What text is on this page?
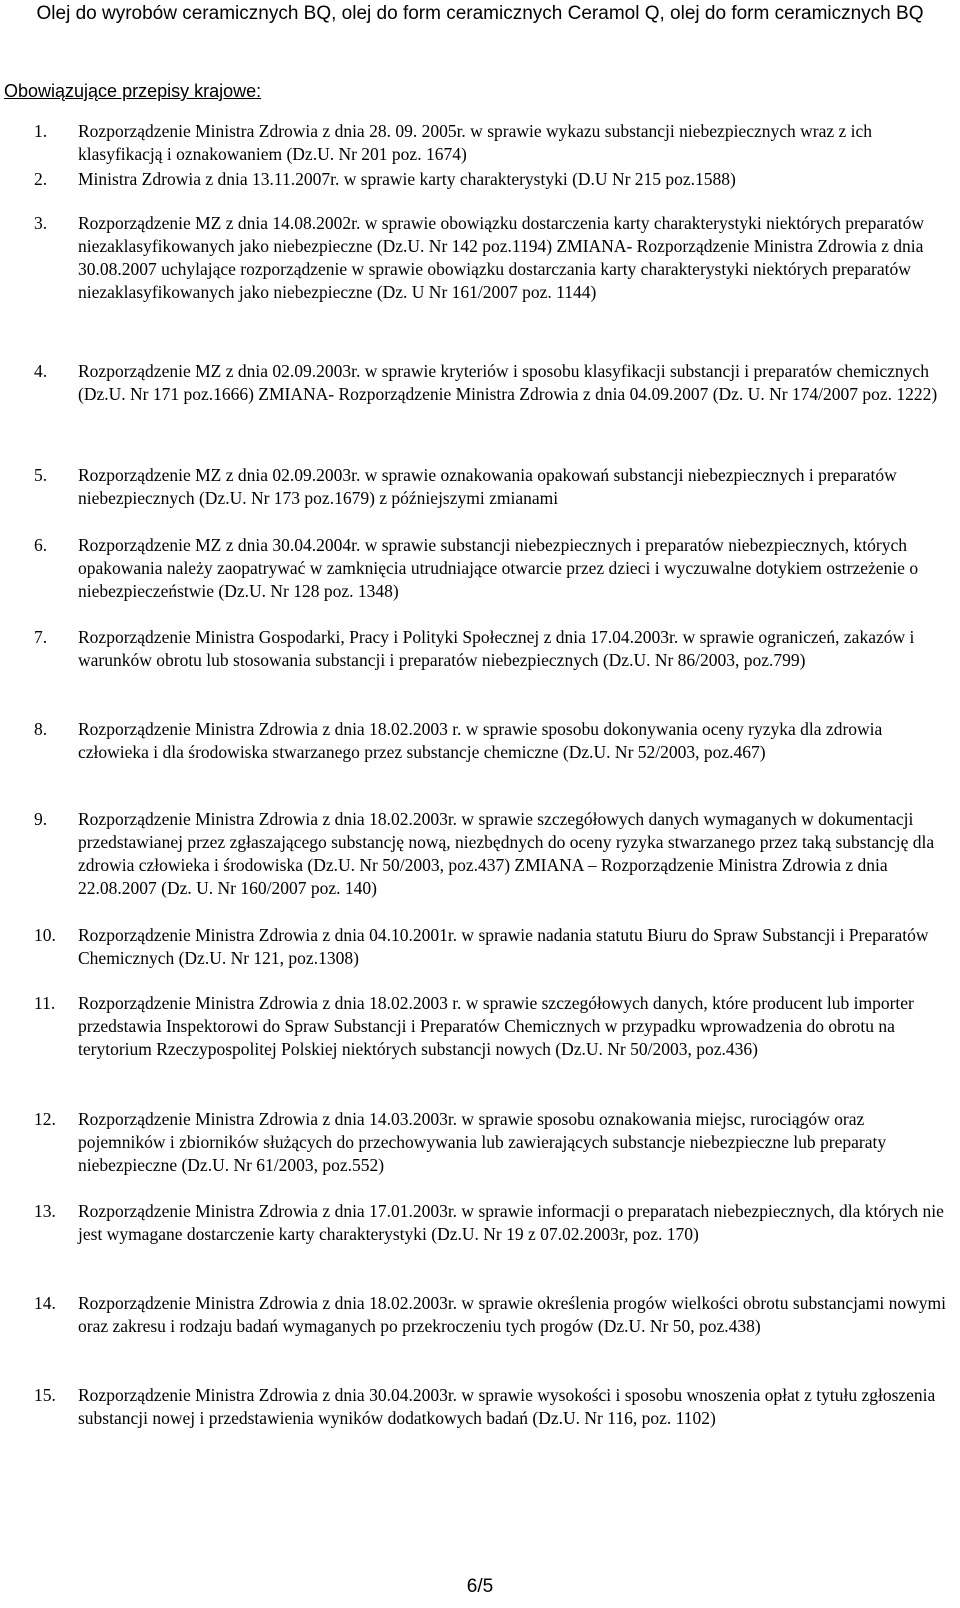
Olej do wyrobów ceramicznych BQ, olej do form ceramicznych Ceramol Q, olej do form ceramicznych BQ
Obowiązujące przepisy krajowe:
1.	Rozporządzenie Ministra Zdrowia z dnia 28. 09. 2005r. w sprawie wykazu substancji niebezpiecznych wraz z ich klasyfikacją i oznakowaniem (Dz.U. Nr 201 poz. 1674)
2.	Ministra Zdrowia z dnia 13.11.2007r. w sprawie karty charakterystyki (D.U Nr 215 poz.1588)
3.	Rozporządzenie MZ z dnia 14.08.2002r. w sprawie obowiązku dostarczenia karty charakterystyki niektórych preparatów niezaklasyfikowanych jako niebezpieczne (Dz.U. Nr 142 poz.1194) ZMIANA- Rozporządzenie Ministra Zdrowia z dnia 30.08.2007 uchylające rozporządzenie w sprawie obowiązku dostarczania karty charakterystyki niektórych preparatów niezaklasyfikowanych jako niebezpieczne (Dz. U Nr 161/2007 poz. 1144)
4.	Rozporządzenie MZ z dnia 02.09.2003r. w sprawie kryteriów i sposobu klasyfikacji substancji i preparatów chemicznych (Dz.U. Nr 171 poz.1666) ZMIANA- Rozporządzenie Ministra Zdrowia z dnia 04.09.2007 (Dz. U. Nr 174/2007 poz. 1222)
5.	Rozporządzenie MZ z dnia 02.09.2003r. w sprawie oznakowania opakowań substancji niebezpiecznych i preparatów niebezpiecznych (Dz.U. Nr 173 poz.1679) z późniejszymi zmianami
6.	Rozporządzenie MZ z dnia 30.04.2004r. w sprawie substancji niebezpiecznych i preparatów niebezpiecznych, których opakowania należy zaopatrywać w zamknięcia utrudniające otwarcie przez dzieci i wyczuwalne dotykiem ostrzeżenie o niebezpieczeństwie (Dz.U. Nr 128 poz. 1348)
7.	Rozporządzenie Ministra Gospodarki, Pracy i Polityki Społecznej z dnia 17.04.2003r. w sprawie ograniczeń, zakazów i warunków obrotu lub stosowania substancji i preparatów niebezpiecznych (Dz.U. Nr 86/2003, poz.799)
8.	Rozporządzenie Ministra Zdrowia z dnia 18.02.2003 r. w sprawie sposobu dokonywania oceny ryzyka dla zdrowia człowieka i dla środowiska stwarzanego przez substancje chemiczne (Dz.U. Nr 52/2003, poz.467)
9.	Rozporządzenie Ministra Zdrowia z dnia 18.02.2003r. w sprawie szczegółowych danych wymaganych w dokumentacji przedstawianej przez zgłaszającego substancję nową, niezbędnych do oceny ryzyka stwarzanego przez taką substancję dla zdrowia człowieka i środowiska (Dz.U. Nr 50/2003, poz.437) ZMIANA – Rozporządzenie Ministra Zdrowia z dnia 22.08.2007 (Dz. U. Nr 160/2007 poz. 140)
10.	Rozporządzenie Ministra Zdrowia z dnia 04.10.2001r. w sprawie nadania statutu Biuru do Spraw Substancji i Preparatów Chemicznych (Dz.U. Nr 121, poz.1308)
11.	Rozporządzenie Ministra Zdrowia z dnia 18.02.2003 r. w sprawie szczegółowych danych, które producent lub importer przedstawia Inspektorowi do Spraw Substancji i Preparatów Chemicznych w przypadku wprowadzenia do obrotu na terytorium Rzeczypospolitej Polskiej niektórych substancji nowych (Dz.U. Nr 50/2003, poz.436)
12.	Rozporządzenie Ministra Zdrowia z dnia 14.03.2003r. w sprawie sposobu oznakowania miejsc, rurociągów oraz pojemników i zbiorników służących do przechowywania lub zawierających substancje niebezpieczne lub preparaty niebezpieczne (Dz.U. Nr 61/2003, poz.552)
13.	Rozporządzenie Ministra Zdrowia z dnia 17.01.2003r. w sprawie informacji o preparatach niebezpiecznych, dla których nie jest wymagane dostarczenie karty charakterystyki (Dz.U. Nr 19 z 07.02.2003r, poz. 170)
14.	Rozporządzenie Ministra Zdrowia z dnia 18.02.2003r. w sprawie określenia progów wielkości obrotu substancjami nowymi oraz zakresu i rodzaju badań wymaganych po przekroczeniu tych progów (Dz.U. Nr 50, poz.438)
15.	Rozporządzenie Ministra Zdrowia z dnia 30.04.2003r. w sprawie wysokości i sposobu wnoszenia opłat z tytułu zgłoszenia substancji nowej i przedstawienia wyników dodatkowych badań (Dz.U. Nr 116, poz. 1102)
6/5
